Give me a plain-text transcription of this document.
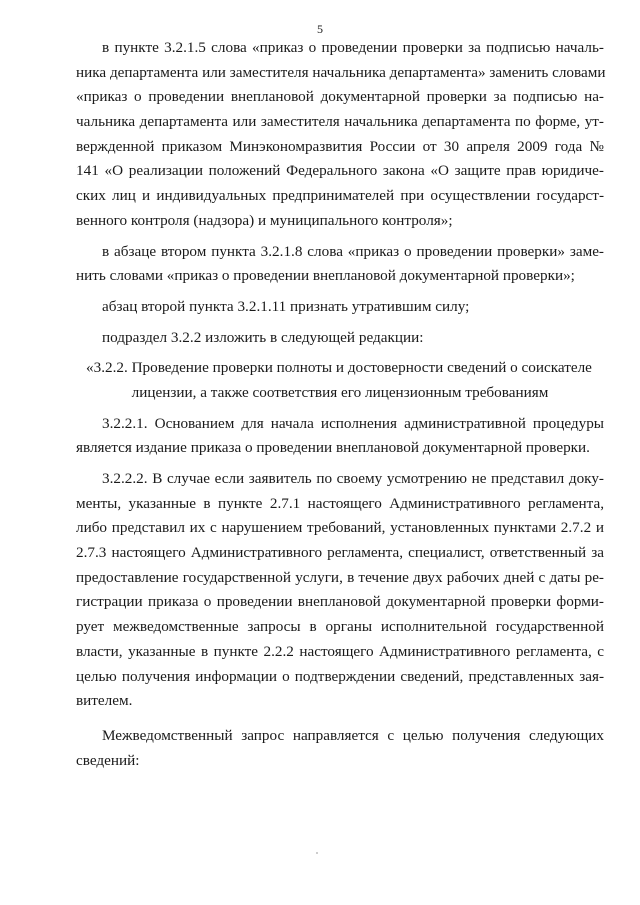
5
в пункте 3.2.1.5 слова «приказ о проведении проверки за подписью началь-
ника департамента или заместителя начальника департамента» заменить словами
«приказ о проведении внеплановой документарной проверки за подписью на-
чальника департамента или заместителя начальника департамента по форме, ут-
вержденной приказом Минэкономразвития России от 30 апреля 2009 года №
141 «О реализации положений Федерального закона «О защите прав юридиче-
ских лиц и индивидуальных предпринимателей при осуществлении государст-
венного контроля (надзора) и муниципального контроля»;
в абзаце втором пункта 3.2.1.8 слова «приказ о проведении проверки» заме-
нить словами «приказ о проведении внеплановой документарной проверки»;
абзац второй пункта 3.2.1.11 признать утратившим силу;
подраздел 3.2.2 изложить в следующей редакции:
«3.2.2. Проведение проверки полноты и достоверности сведений о соискателе
лицензии, а также соответствия его лицензионным требованиям
3.2.2.1. Основанием для начала исполнения административной процедуры
является издание приказа о проведении внеплановой документарной проверки.
3.2.2.2. В случае если заявитель по своему усмотрению не представил доку-
менты, указанные в пункте 2.7.1 настоящего Административного регламента,
либо представил их с нарушением требований, установленных пунктами 2.7.2 и
2.7.3 настоящего Административного регламента, специалист, ответственный за
предоставление государственной услуги, в течение двух рабочих дней с даты ре-
гистрации приказа о проведении внеплановой документарной проверки форми-
рует межведомственные запросы в органы исполнительной государственной
власти, указанные в пункте 2.2.2 настоящего Административного регламента, с
целью получения информации о подтверждении сведений, представленных зая-
вителем.
Межведомственный запрос направляется с целью получения следующих
сведений:
